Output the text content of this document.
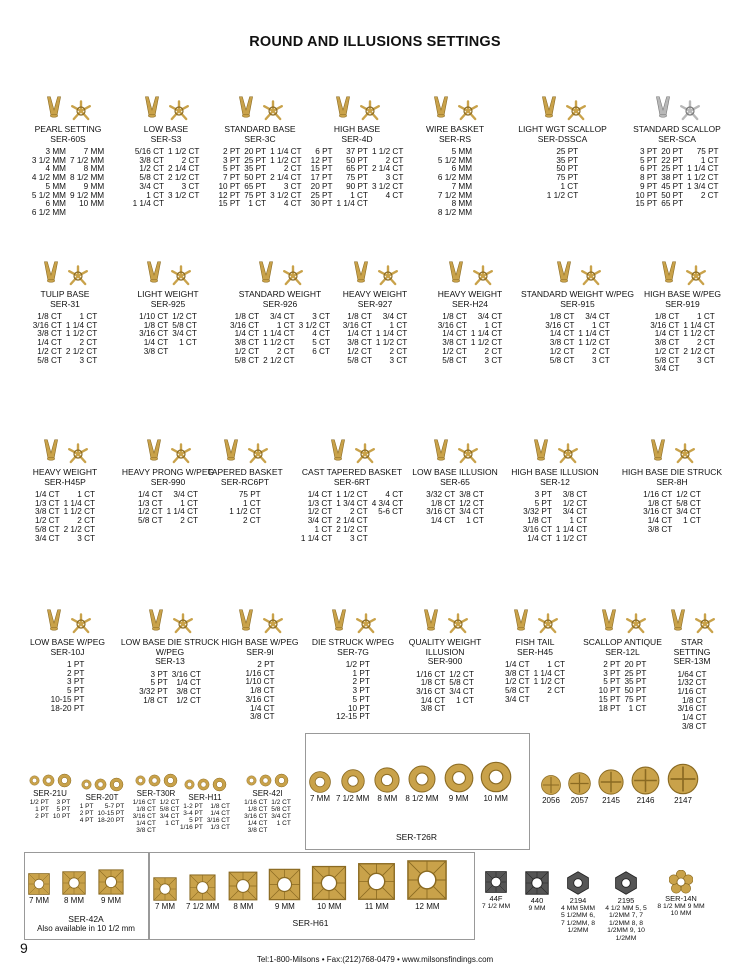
ROUND AND ILLUSIONS SETTINGS
PEARL SETTING
SER-60S
3 MM	7 MM
3 1/2 MM 7 1/2 MM
4 MM	8 MM
4 1/2 MM 8 1/2 MM
5 MM	9 MM
5 1/2 MM 9 1/2 MM
6 MM	10 MM
6 1/2 MM
LOW BASE
SER-S3
5/16 CT 1 1/2 CT
3/8 CT	2 CT
1/2 CT 2 1/4 CT
5/8 CT 2 1/2 CT
3/4 CT	3 CT
1 CT 3 1/2 CT
1 1/4 CT
STANDARD BASE
SER-3C
2 PT 20 PT 1 1/4 CT
3 PT 25 PT 1 1/2 CT
5 PT 35 PT	2 CT
7 PT 50 PT 2 1/4 CT
10 PT 65 PT	3 CT
12 PT 75 PT 3 1/2 CT
15 PT 1 CT	4 CT
HIGH BASE
SER-4D
6 PT	37 PT 1 1/2 CT
12 PT	50 PT	2 CT
15 PT	65 PT 2 1/4 CT
17 PT	75 PT	3 CT
20 PT	90 PT 3 1/2 CT
25 PT	1 CT	4 CT
30 PT 1 1/4 CT
WIRE BASKET
SER-RS
5 MM
5 1/2 MM
6 MM
6 1/2 MM
7 MM
7 1/2 MM
8 MM
8 1/2 MM
LIGHT WGT SCALLOP
SER-DSSCA
25 PT
35 PT
50 PT
75 PT
1 CT
1 1/2 CT
STANDARD SCALLOP
SER-SCA
3 PT 20 PT	75 PT
5 PT 22 PT	1 CT
6 PT 25 PT 1 1/4 CT
8 PT 38 PT 1 1/2 CT
9 PT 45 PT 1 3/4 CT
10 PT 50 PT	2 CT
15 PT 65 PT
TULIP BASE
SER-31
1/8 CT	1 CT
3/16 CT 1 1/4 CT
3/8 CT 1 1/2 CT
1/4 CT	2 CT
1/2 CT 2 1/2 CT
5/8 CT	3 CT
LIGHT WEIGHT
SER-925
1/10 CT 1/2 CT
1/8 CT 5/8 CT
3/16 CT 3/4 CT
1/4 CT	1 CT
3/8 CT
STANDARD WEIGHT
SER-926
1/8 CT	3/4 CT	3 CT
3/16 CT	1 CT 3 1/2 CT
1/4 CT 1 1/4 CT	4 CT
3/8 CT 1 1/2 CT	5 CT
1/2 CT	2 CT	6 CT
5/8 CT 2 1/2 CT
HEAVY WEIGHT
SER-927
1/8 CT	3/4 CT
3/16 CT	1 CT
1/4 CT 1 1/4 CT
3/8 CT 1 1/2 CT
1/2 CT	2 CT
5/8 CT	3 CT
HEAVY WEIGHT
SER-H24
1/8 CT	3/4 CT
3/16 CT	1 CT
1/4 CT 1 1/4 CT
3/8 CT 1 1/2 CT
1/2 CT	2 CT
5/8 CT	3 CT
STANDARD WEIGHT W/PEG
SER-915
1/8 CT	3/4 CT
3/16 CT	1 CT
1/4 CT 1 1/4 CT
3/8 CT 1 1/2 CT
1/2 CT	2 CT
5/8 CT	3 CT
HIGH BASE W/PEG
SER-919
1/8 CT	1 CT
3/16 CT 1 1/4 CT
1/4 CT 1 1/2 CT
3/8 CT	2 CT
1/2 CT 2 1/2 CT
5/8 CT	3 CT
3/4 CT
HEAVY WEIGHT
SER-H45P
1/4 CT	1 CT
1/3 CT 1 1/4 CT
3/8 CT 1 1/2 CT
1/2 CT	2 CT
5/8 CT 2 1/2 CT
3/4 CT	3 CT
HEAVY PRONG W/PEG
SER-990
1/4 CT	3/4 CT
1/3 CT	1 CT
1/2 CT 1 1/4 CT
5/8 CT	2 CT
TAPERED BASKET
SER-RC6PT
75 PT
1 CT
1 1/2 CT
2 CT
CAST TAPERED BASKET
SER-6RT
1/4 CT 1 1/2 CT	4 CT
1/3 CT 1 3/4 CT 4 3/4 CT
1/2 CT	2 CT	5-6 CT
3/4 CT 2 1/4 CT
1 CT 2 1/2 CT
1 1/4 CT	3 CT
LOW BASE ILLUSION
SER-65
3/32 CT 3/8 CT
1/8 CT 1/2 CT
3/16 CT 3/4 CT
1/4 CT	1 CT
HIGH BASE ILLUSION
SER-12
3 PT	3/8 CT
5 PT	1/2 CT
3/32 PT	3/4 CT
1/8 CT	1 CT
3/16 CT 1 1/4 CT
1/4 CT 1 1/2 CT
HIGH BASE DIE STRUCK
SER-8H
1/16 CT 1/2 CT
1/8 CT 5/8 CT
3/16 CT 3/4 CT
1/4 CT	1 CT
3/8 CT
LOW BASE W/PEG
SER-10J
1 PT
2 PT
3 PT
5 PT
10-15 PT
18-20 PT
LOW BASE DIE STRUCK W/PEG
SER-13
3 PT 3/16 CT
5 PT	1/4 CT
3/32 PT	3/8 CT
1/8 CT	1/2 CT
HIGH BASE W/PEG
SER-9I
2 PT
1/16 CT
1/10 CT
1/8 CT
3/16 CT
1/4 CT
3/8 CT
DIE STRUCK W/PEG
SER-7G
1/2 PT
1 PT
2 PT
3 PT
5 PT
10 PT
12-15 PT
QUALITY WEIGHT ILLUSION
SER-900
1/16 CT 1/2 CT
1/8 CT 5/8 CT
3/16 CT 3/4 CT
1/4 CT	1 CT
3/8 CT
FISH TAIL
SER-H45
1/4 CT	1 CT
3/8 CT 1 1/4 CT
1/2 CT 1 1/2 CT
5/8 CT	2 CT
3/4 CT
SCALLOP ANTIQUE
SER-12L
2 PT 20 PT
3 PT 25 PT
5 PT 35 PT
10 PT 50 PT
15 PT 75 PT
18 PT 1 CT
STAR SETTING
SER-13M
1/64 CT
1/32 CT
1/16 CT
1/8 CT
3/16 CT
1/4 CT
3/8 CT
SER-21U
1/2 PT	3 PT
1 PT	5 PT
2 PT 10 PT
SER-20T
1 PT	5-7 PT
2 PT 10-15 PT
4 PT 18-20 PT
SER-T30R
1/16 CT 1/2 CT
1/8 CT 5/8 CT
3/16 CT 3/4 CT
1/4 CT	1 CT
3/8 CT
SER-H11
1-2 PT	1/8 CT
3-4 PT	1/4 CT
5 PT 3/16 CT
1/16 PT	1/3 CT
SER-42I
1/16 CT 1/2 CT
1/8 CT 5/8 CT
3/16 CT 3/4 CT
1/4 CT	1 CT
3/8 CT
7 MM 7 1/2 MM 8 MM 8 1/2 MM 9 MM 10 MM
SER-T26R
2056 2057 2145 2146 2147
7 MM 8 MM 9 MM
SER-42A
Also available in 10 1/2 mm
7 MM 7 1/2 MM 8 MM	9 MM	10 MM	11 MM	12 MM
SER-H61
44F
7 1/2 MM
440
9 MM
2194
4 MM 5MM 5 1/2MM 6, 7 1/2MM, 8 1/2MM
2195
4 1/2 MM 5, 5 1/2MM 7, 7 1/2MM 8, 8 1/2MM 9, 10 1/2MM
SER-14N
8 1/2 MM 9 MM 10 MM
9
Tel:1-800-Milsons • Fax:(212)768-0479 • www.milsonsfindings.com
